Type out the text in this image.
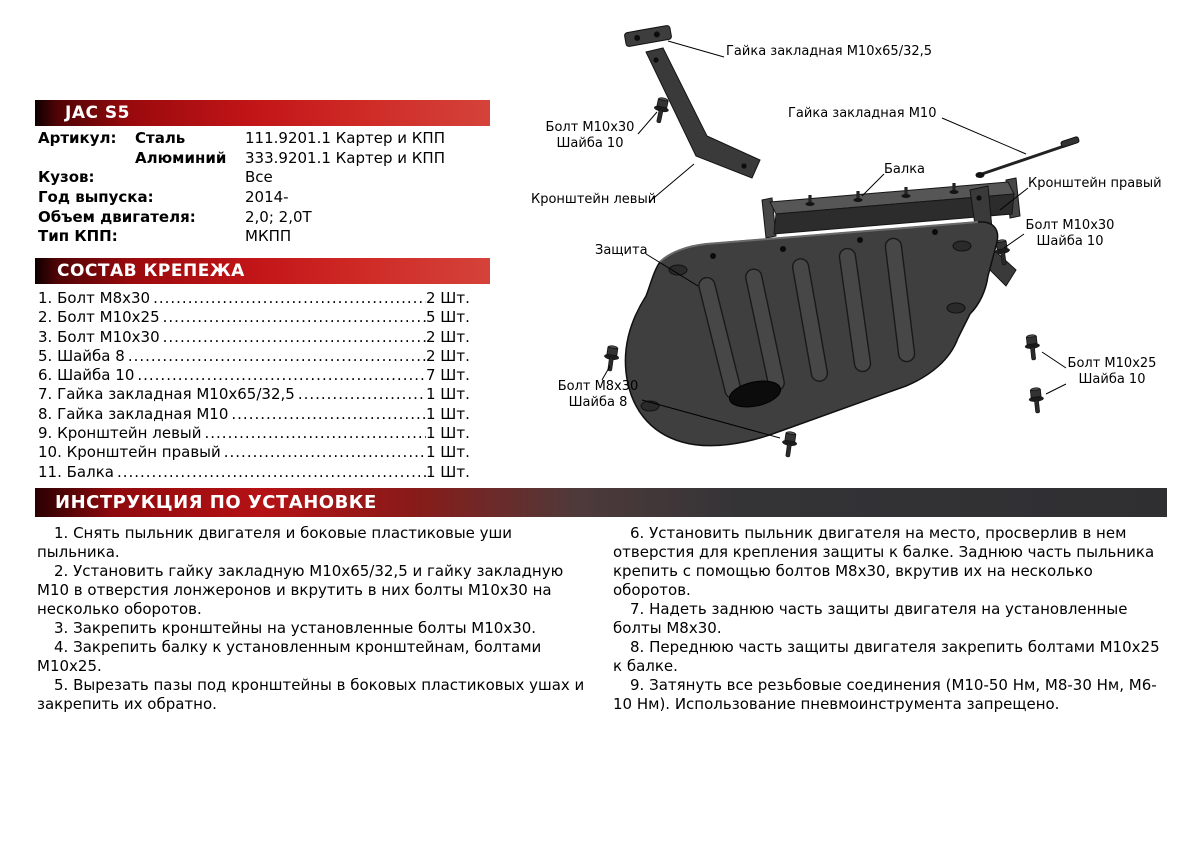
JAC S5
Артикул: Сталь	111.9201.1 Картер и КПП
Алюминий 333.9201.1 Картер и КПП
Кузов:	Все
Год выпуска:	2014-
Объем двигателя:	2,0; 2,0Т
Тип КПП:	МКПП
СОСТАВ КРЕПЕЖА
1. Болт М8х30 .....	2 Шт.
2. Болт М10х25 .....	5 Шт.
3. Болт М10х30 .....	2 Шт.
5. Шайба 8 .....	2 Шт.
6. Шайба 10 .....	7 Шт.
7. Гайка закладная М10х65/32,5 .....	1 Шт.
8. Гайка закладная М10 .....	1 Шт.
9. Кронштейн левый .....	1 Шт.
10. Кронштейн правый .....	1 Шт.
11. Балка .....	1 Шт.
ИНСТРУКЦИЯ ПО УСТАНОВКЕ

1. Снять пыльник двигателя и боковые пластиковые уши пыльника.

2. Установить гайку закладную М10х65/32,5 и гайку закладную М10 в отверстия лонжеронов и вкрутить в них болты М10х30 на несколько оборотов.

3. Закрепить кронштейны на установленные болты М10х30.

4. Закрепить балку к установленным кронштейнам, болтами М10х25.

5. Вырезать пазы под кронштейны в боковых пластиковых ушах и закрепить их обратно.

6. Установить пыльник двигателя на место, просверлив в нем отверстия для крепления защиты к балке. Заднюю часть пыльника крепить с помощью болтов М8х30, вкрутив их на несколько оборотов.

7. Надеть заднюю часть защиты двигателя на установленные болты М8х30.

8. Переднюю часть защиты двигателя закрепить болтами М10х25 к балке.

9. Затянуть все резьбовые соединения (М10-50 Нм, М8-30 Нм, М6-10 Нм). Использование пневмоинструмента запрещено.

Гайка закладная М10х65/32,5
Гайка закладная М10
Болт М10х30
Шайба 10
Кронштейн левый
Балка
Кронштейн правый
Болт М10х30
Шайба 10
Защита
Болт М8х30
Шайба 8
Болт М10х25
Шайба 10
